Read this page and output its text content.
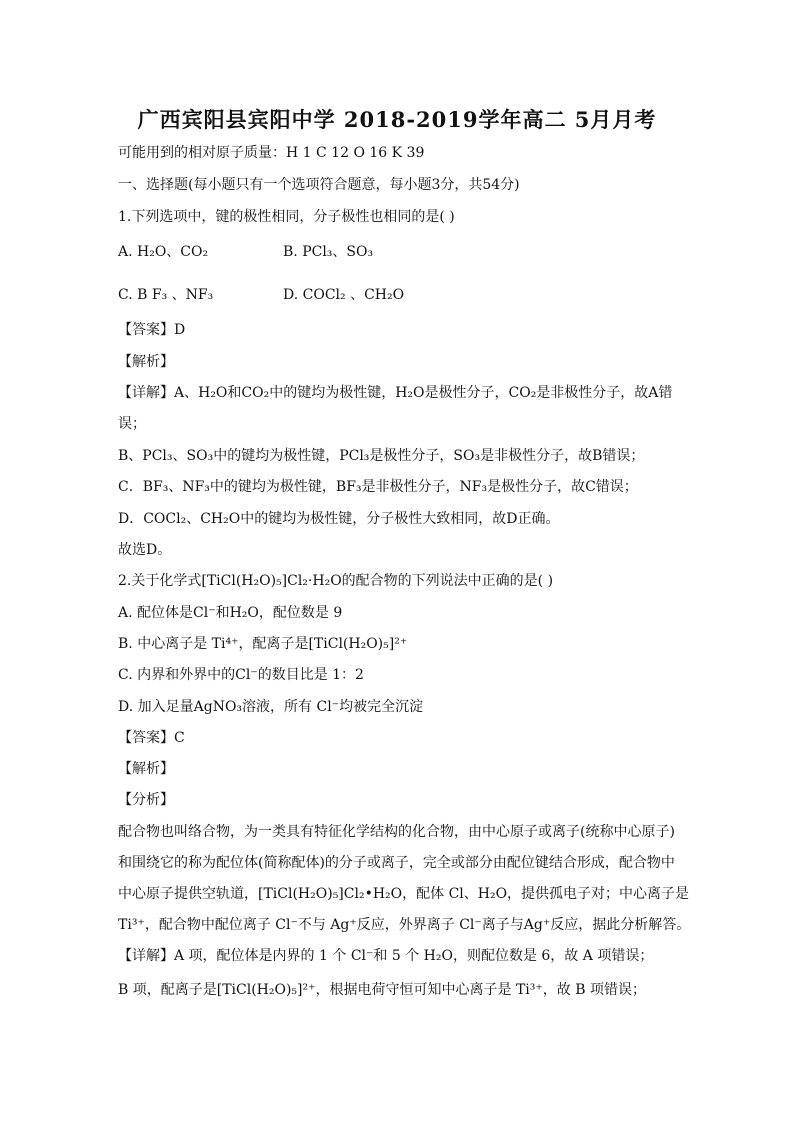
广西宾阳县宾阳中学 2018-2019学年高二 5月月考
可能用到的相对原子质量：H 1 C 12 O 16 K 39
一、选择题(每小题只有一个选项符合题意，每小题3分，共54分)
1.下列选项中，键的极性相同，分子极性也相同的是( )
A. H₂O、CO₂	B. PCl₃、SO₃
C. B F₃ 、NF₃	D. COCl₂ 、CH₂O
【答案】D
【解析】
【详解】A、H₂O和CO₂中的键均为极性键，H₂O是极性分子，CO₂是非极性分子，故A错
误；
B、PCl₃、SO₃中的键均为极性键，PCl₃是极性分子，SO₃是非极性分子，故B错误；
C．BF₃、NF₃中的键均为极性键，BF₃是非极性分子，NF₃是极性分子，故C错误；
D．COCl₂、CH₂O中的键均为极性键，分子极性大致相同，故D正确。
故选D。
2.关于化学式[TiCl(H₂O)₅]Cl₂·H₂O的配合物的下列说法中正确的是( )
A. 配位体是Cl⁻和H₂O，配位数是 9
B. 中心离子是 Ti⁴⁺，配离子是[TiCl(H₂O)₅]²⁺
C. 内界和外界中的Cl⁻的数目比是 1：2
D. 加入足量AgNO₃溶液，所有 Cl⁻均被完全沉淀
【答案】C
【解析】
【分析】
配合物也叫络合物，为一类具有特征化学结构的化合物，由中心原子或离子(统称中心原子)
和围绕它的称为配位体(简称配体)的分子或离子，完全或部分由配位键结合形成，配合物中
中心原子提供空轨道，[TiCl(H₂O)₅]Cl₂•H₂O，配体 Cl、H₂O，提供孤电子对；中心离子是
Ti³⁺，配合物中配位离子 Cl⁻不与 Ag⁺反应，外界离子 Cl⁻离子与Ag⁺反应，据此分析解答。
【详解】A 项，配位体是内界的 1 个 Cl⁻和 5 个 H₂O，则配位数是 6，故 A 项错误；
B 项，配离子是[TiCl(H₂O)₅]²⁺，根据电荷守恒可知中心离子是 Ti³⁺，故 B 项错误；
